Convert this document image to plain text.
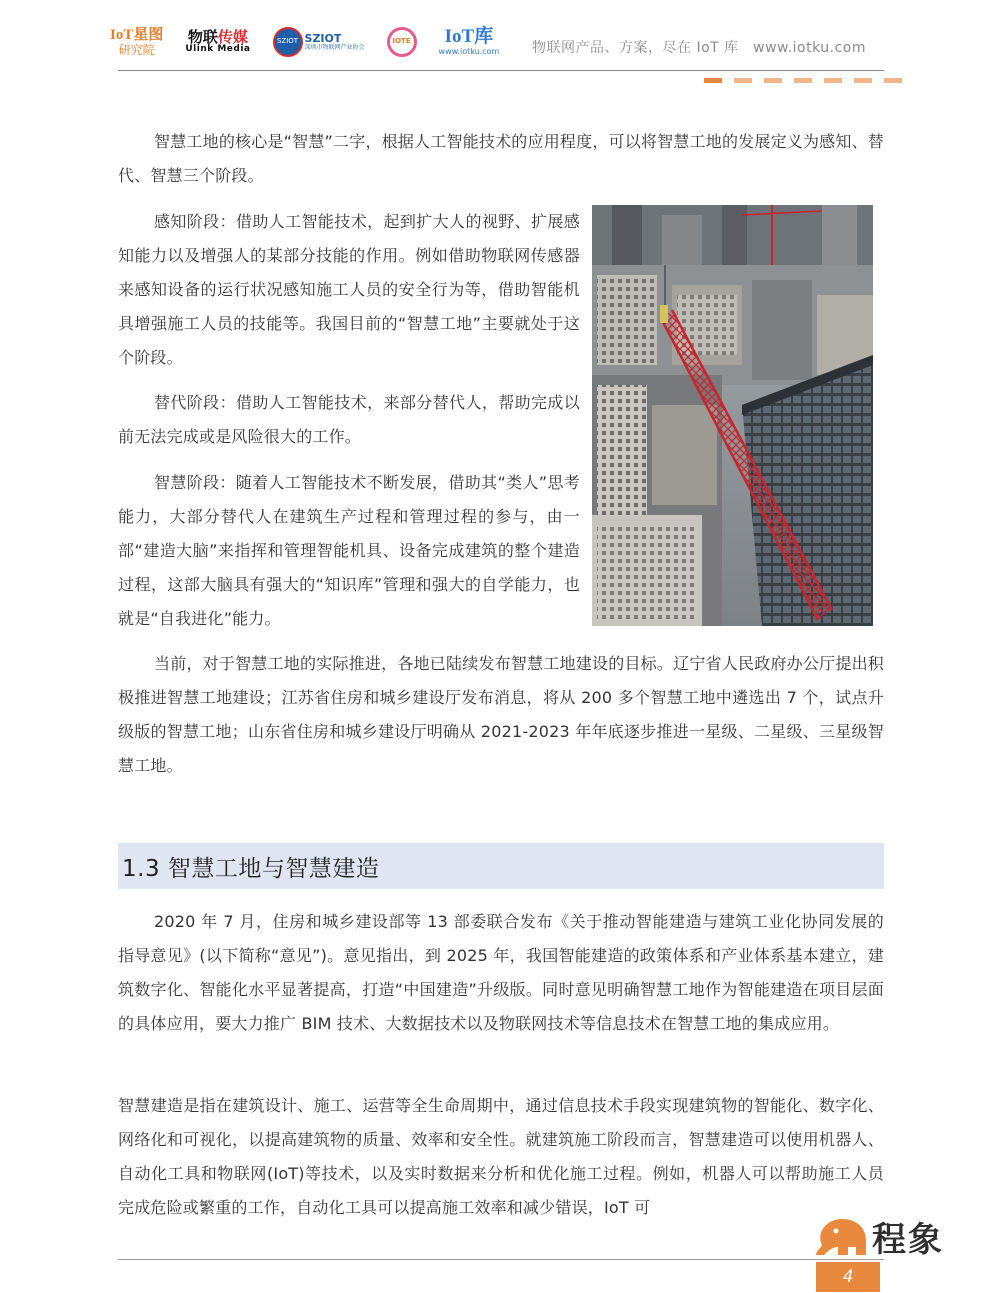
IoT星图
研究院
物联传媒
Ulink Media
SZIOT SZIOT
深圳市物联网产业协会
IOTE	IoT库
www.iotku.com 物联网产品、方案，尽在 IoT 库　www.iotku.com

智慧工地的核心是“智慧”二字，根据人工智能技术的应用程度，可以将智慧工地的发展定义为感知、替代、智慧三个阶段。

感知阶段：借助人工智能技术，起到扩大人的视野、扩展感知能力以及增强人的某部分技能的作用。例如借助物联网传感器来感知设备的运行状况感知施工人员的安全行为等，借助智能机具增强施工人员的技能等。我国目前的“智慧工地”主要就处于这个阶段。

替代阶段：借助人工智能技术，来部分替代人，帮助完成以前无法完成或是风险很大的工作。

智慧阶段：随着人工智能技术不断发展，借助其“类人”思考能力，大部分替代人在建筑生产过程和管理过程的参与，由一部“建造大脑”来指挥和管理智能机具、设备完成建筑的整个建造过程，这部大脑具有强大的“知识库”管理和强大的自学能力，也就是“自我进化”能力。

当前，对于智慧工地的实际推进，各地已陆续发布智慧工地建设的目标。辽宁省人民政府办公厅提出积极推进智慧工地建设；江苏省住房和城乡建设厅发布消息，将从 200 多个智慧工地中遴选出 7 个，试点升级版的智慧工地；山东省住房和城乡建设厅明确从 2021-2023 年年底逐步推进一星级、二星级、三星级智慧工地。

1.3 智慧工地与智慧建造

2020 年 7 月，住房和城乡建设部等 13 部委联合发布《关于推动智能建造与建筑工业化协同发展的指导意见》(以下简称“意见”)。意见指出，到 2025 年，我国智能建造的政策体系和产业体系基本建立，建筑数字化、智能化水平显著提高，打造“中国建造”升级版。同时意见明确智慧工地作为智能建造在项目层面的具体应用，要大力推广 BIM 技术、大数据技术以及物联网技术等信息技术在智慧工地的集成应用。

智慧建造是指在建筑设计、施工、运营等全生命周期中，通过信息技术手段实现建筑物的智能化、数字化、网络化和可视化，以提高建筑物的质量、效率和安全性。就建筑施工阶段而言，智慧建造可以使用机器人、自动化工具和物联网(IoT)等技术，以及实时数据来分析和优化施工过程。例如，机器人可以帮助施工人员完成危险或繁重的工作，自动化工具可以提高施工效率和减少错误，IoT 可

4
程象
